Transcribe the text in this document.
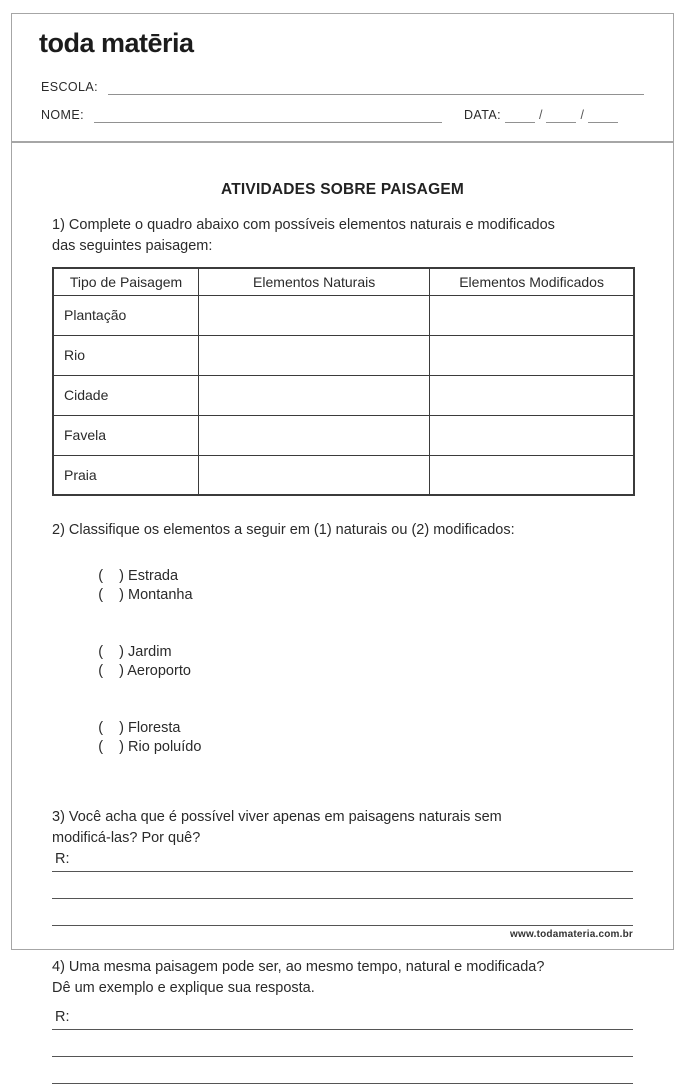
toda matēria
ESCOLA:
NOME:	DATA:	/	/
ATIVIDADES SOBRE PAISAGEM
1) Complete o quadro abaixo com possíveis elementos naturais e modificados
das seguintes paisagem:
Tipo de Paisagem	Elementos Naturais	Elementos Modificados
Plantação		
Rio		
Cidade		
Favela		
Praia		
2) Classifique os elementos a seguir em (1) naturais ou (2) modificados:

(    ) Estrada
(    ) Montanha

(    ) Jardim
(    ) Aeroporto

(    ) Floresta
(    ) Rio poluído

3) Você acha que é possível viver apenas em paisagens naturais sem
modificá-las? Por quê?
R:
4) Uma mesma paisagem pode ser, ao mesmo tempo, natural e modificada?
Dê um exemplo e explique sua resposta.
R:
www.todamateria.com.br
